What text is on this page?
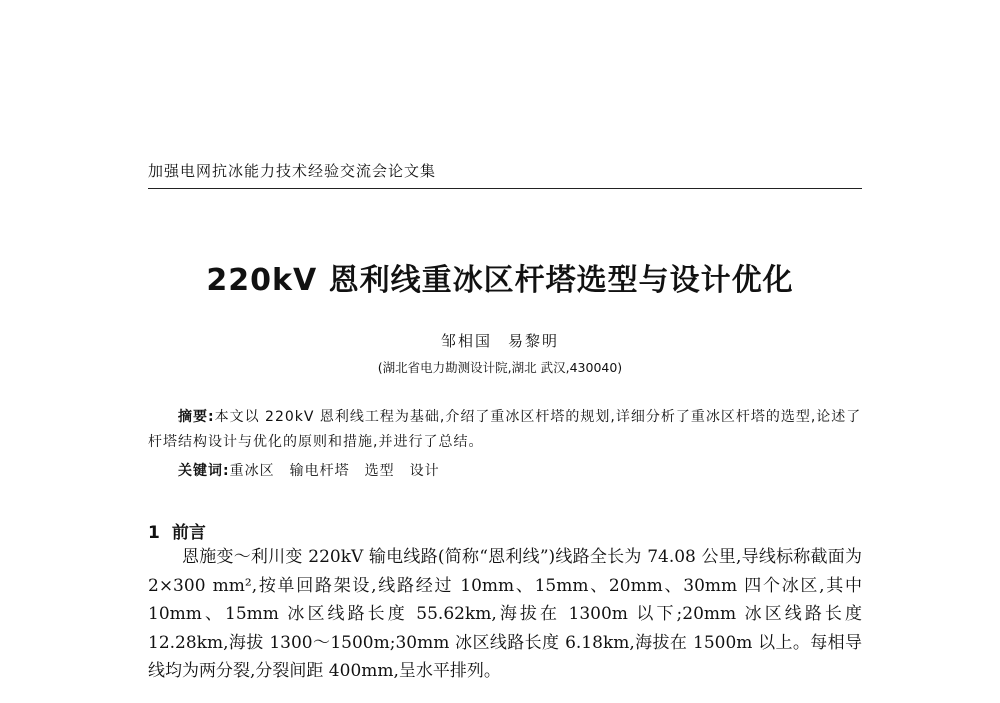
加强电网抗冰能力技术经验交流会论文集
220kV 恩利线重冰区杆塔选型与设计优化
邹相国 易黎明
(湖北省电力勘测设计院,湖北 武汉,430040)
摘要:本文以 220kV 恩利线工程为基础,介绍了重冰区杆塔的规划,详细分析了重冰区杆塔的选型,论述了杆塔结构设计与优化的原则和措施,并进行了总结。
关键词:重冰区　输电杆塔　选型　设计
1 前言
恩施变～利川变 220kV 输电线路(简称“恩利线”)线路全长为 74.08 公里,导线标称截面为 2×300 mm²,按单回路架设,线路经过 10mm、15mm、20mm、30mm 四个冰区,其中 10mm、15mm 冰区线路长度 55.62km,海拔在 1300m 以下;20mm 冰区线路长度 12.28km,海拔 1300～1500m;30mm 冰区线路长度 6.18km,海拔在 1500m 以上。每相导线均为两分裂,分裂间距 400mm,呈水平排列。
